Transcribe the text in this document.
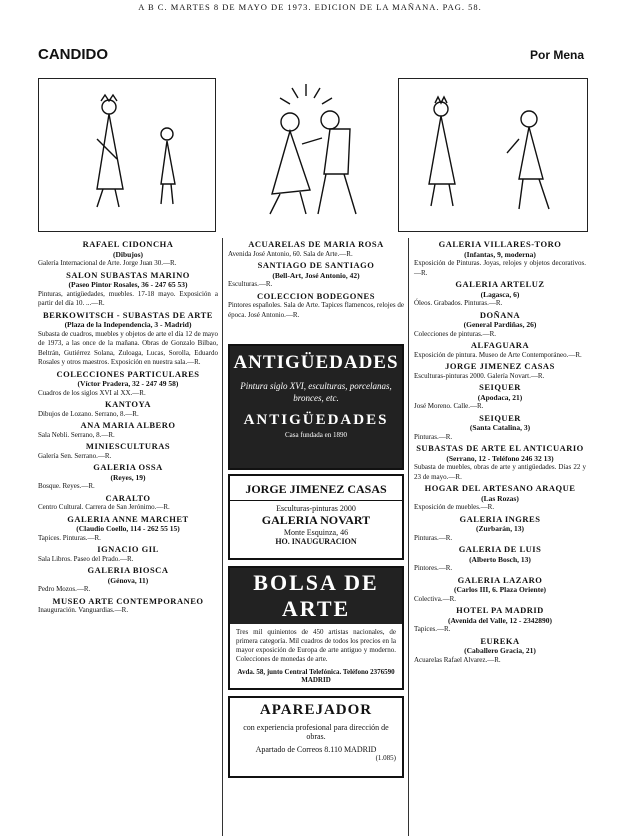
A B C. MARTES 8 DE MAYO DE 1973. EDICION DE LA MAÑANA. PAG. 58.
CANDIDO	Por Mena
RAFAEL CIDONCHA
(Dibujos)

Galería Internacional de Arte. Jorge Juan 30.—R.

SALON SUBASTAS MARINO
(Paseo Pintor Rosales, 36 - 247 65 53)

Pinturas, antigüedades, muebles. 17-18 mayo. Exposición a partir del día 10. ...—R.

BERKOWITSCH - SUBASTAS DE ARTE
(Plaza de la Independencia, 3 - Madrid)

Subasta de cuadros, muebles y objetos de arte el día 12 de mayo de 1973, a las once de la mañana. Obras de Gonzalo Bilbao, Beltrán, Gutiérrez Solana, Zuloaga, Lucas, Sorolla, Eduardo Rosales y otros maestros. Exposición en nuestra sala.—R.

COLECCIONES PARTICULARES
(Víctor Pradera, 32 - 247 49 58)

Cuadros de los siglos XVI al XX.—R.

KANTOYA

Dibujos de Lozano. Serrano, 8.—R.

ANA MARIA ALBERO

Sala Nebli. Serrano, 8.—R.

MINIESCULTURAS

Galería Sen. Serrano.—R.

GALERIA OSSA
(Reyes, 19)

Bosque. Reyes.—R.

CARALTO

Centro Cultural. Carrera de San Jerónimo.—R.

GALERIA ANNE MARCHET
(Claudio Coello, 114 - 262 55 15)

Tapices. Pinturas.—R.

IGNACIO GIL

Sala Libros. Paseo del Prado.—R.

GALERIA BIOSCA
(Génova, 11)

Pedro Mozos.—R.

MUSEO ARTE CONTEMPORANEO

Inauguración. Vanguardias.—R.

ACUARELAS DE MARIA ROSA

Avenida José Antonio, 60. Sala de Arte.—R.

SANTIAGO DE SANTIAGO
(Bell-Art, José Antonio, 42)

Esculturas.—R.

COLECCION BODEGONES

Pintores españoles. Sala de Arte. Tapices flamencos, relojes de época. José Antonio.—R.

ANTIGÜEDADES
Pintura siglo XVI, esculturas, porcelanas, bronces, etc.
ANTIGÜEDADES
Casa fundada en 1890
JORGE JIMENEZ CASAS
Esculturas-pinturas 2000
GALERIA NOVART
Monte Esquinza, 46
HO. INAUGURACION
BOLSA DE ARTE
Tres mil quinientos de 450 artistas nacionales, de primera categoría. Mil cuadros de todos los precios en la mayor exposición de Europa de arte antiguo y moderno. Colecciones de monedas de arte.
Avda. 58, junto Central Telefónica. Teléfono 2376590 MADRID
APAREJADOR
con experiencia profesional para dirección de obras.
Apartado de Correos 8.110 MADRID
(1.085)
GALERIA VILLARES-TORO
(Infantas, 9, moderna)

Exposición de Pinturas. Joyas, relojes y objetos decorativos.—R.

GALERIA ARTELUZ
(Lagasca, 6)

Óleos. Grabados. Pinturas.—R.

DOÑANA
(General Pardiñas, 26)

Colecciones de pinturas.—R.

ALFAGUARA

Exposición de pintura. Museo de Arte Contemporáneo.—R.

JORGE JIMENEZ CASAS

Esculturas-pinturas 2000. Galería Novart.—R.

SEIQUER
(Apodaca, 21)

José Moreno. Calle.—R.

SEIQUER
(Santa Catalina, 3)

Pinturas.—R.

SUBASTAS DE ARTE EL ANTICUARIO
(Serrano, 12 - Teléfono 246 32 13)

Subasta de muebles, obras de arte y antigüedades. Días 22 y 23 de mayo.—R.

HOGAR DEL ARTESANO ARAQUE
(Las Rozas)

Exposición de muebles.—R.

GALERIA INGRES
(Zurbarán, 13)

Pinturas.—R.

GALERIA DE LUIS
(Alberto Bosch, 13)

Pintores.—R.

GALERIA LAZARO
(Carlos III, 6. Plaza Oriente)

Colectiva.—R.

HOTEL PA MADRID
(Avenida del Valle, 12 - 2342890)

Tapices.—R.

EUREKA
(Caballero Gracia, 21)

Acuarelas Rafael Alvarez.—R.
